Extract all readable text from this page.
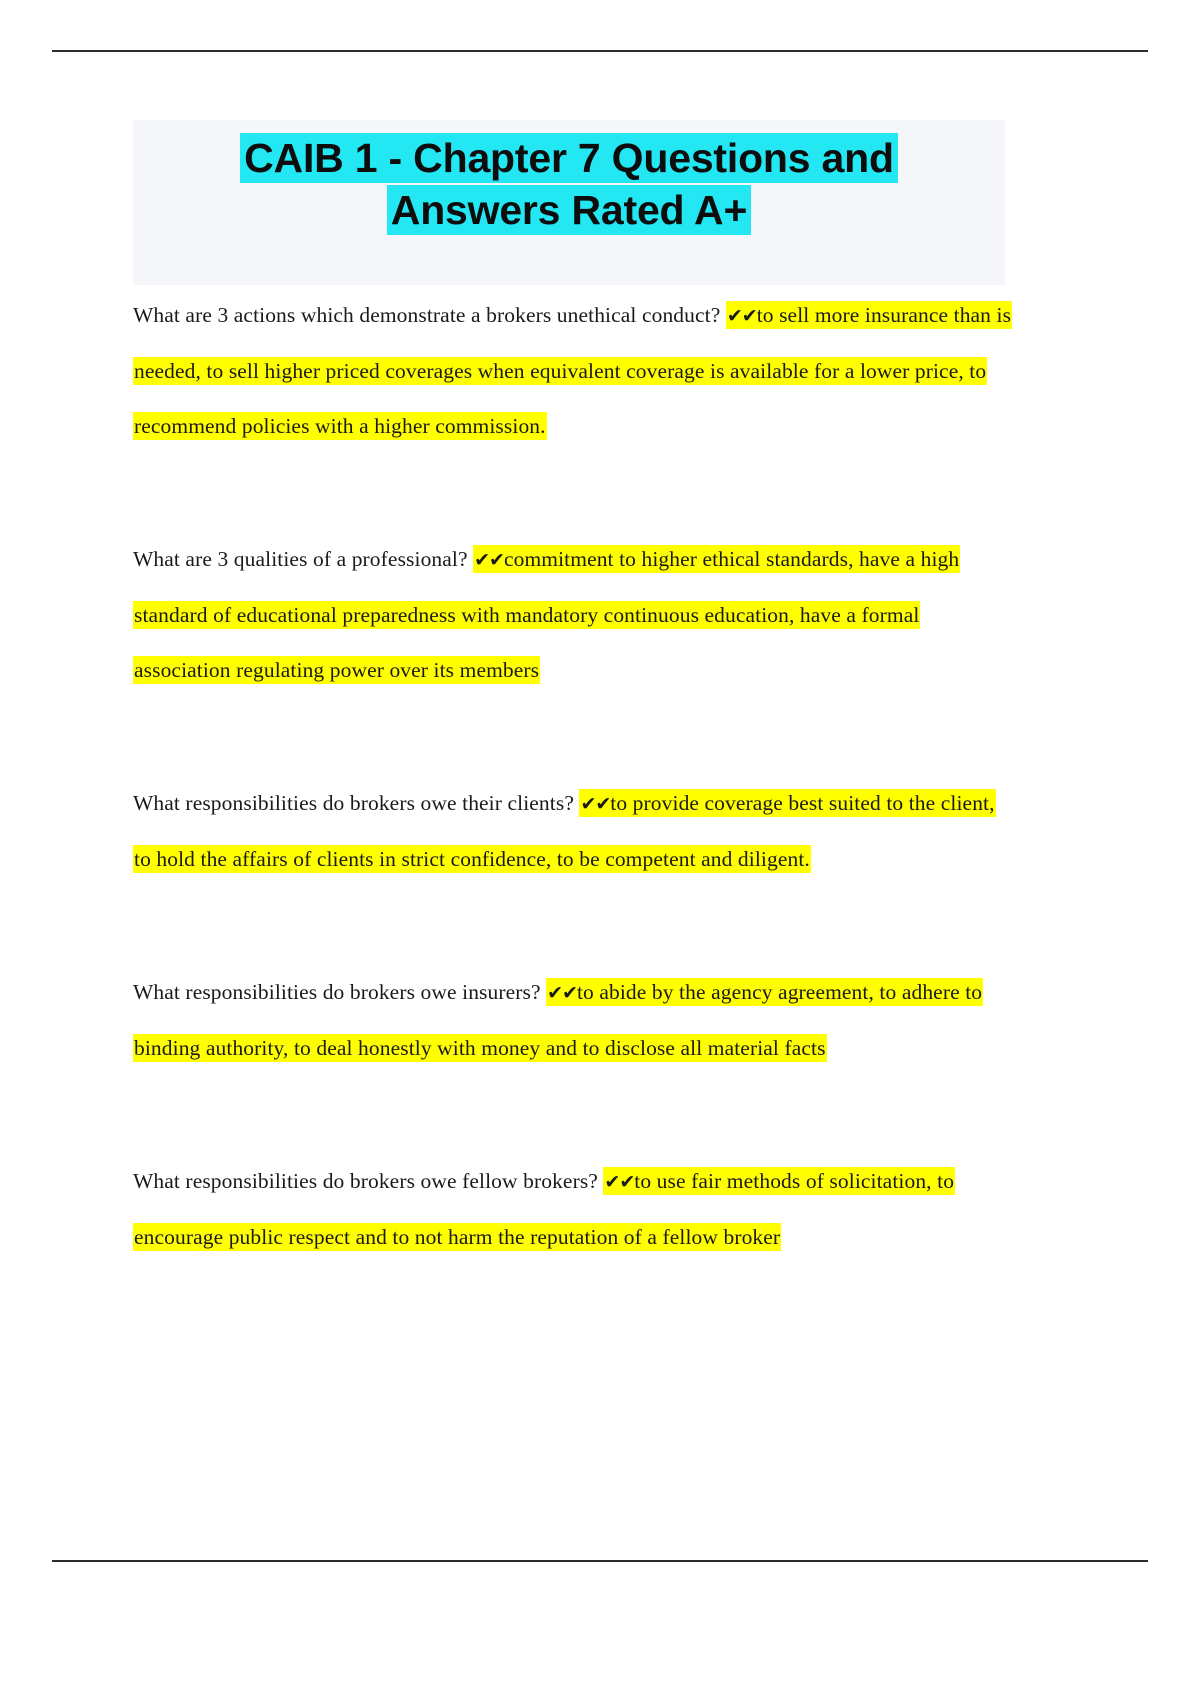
CAIB 1 - Chapter 7 Questions and
Answers Rated A+

What are 3 actions which demonstrate a brokers unethical conduct? ✔✔to sell more insurance than is needed, to sell higher priced coverages when equivalent coverage is available for a lower price, to recommend policies with a higher commission.

What are 3 qualities of a professional? ✔✔commitment to higher ethical standards, have a high standard of educational preparedness with mandatory continuous education, have a formal association regulating power over its members

What responsibilities do brokers owe their clients? ✔✔to provide coverage best suited to the client, to hold the affairs of clients in strict confidence, to be competent and diligent.

What responsibilities do brokers owe insurers? ✔✔to abide by the agency agreement, to adhere to binding authority, to deal honestly with money and to disclose all material facts

What responsibilities do brokers owe fellow brokers? ✔✔to use fair methods of solicitation, to encourage public respect and to not harm the reputation of a fellow broker
